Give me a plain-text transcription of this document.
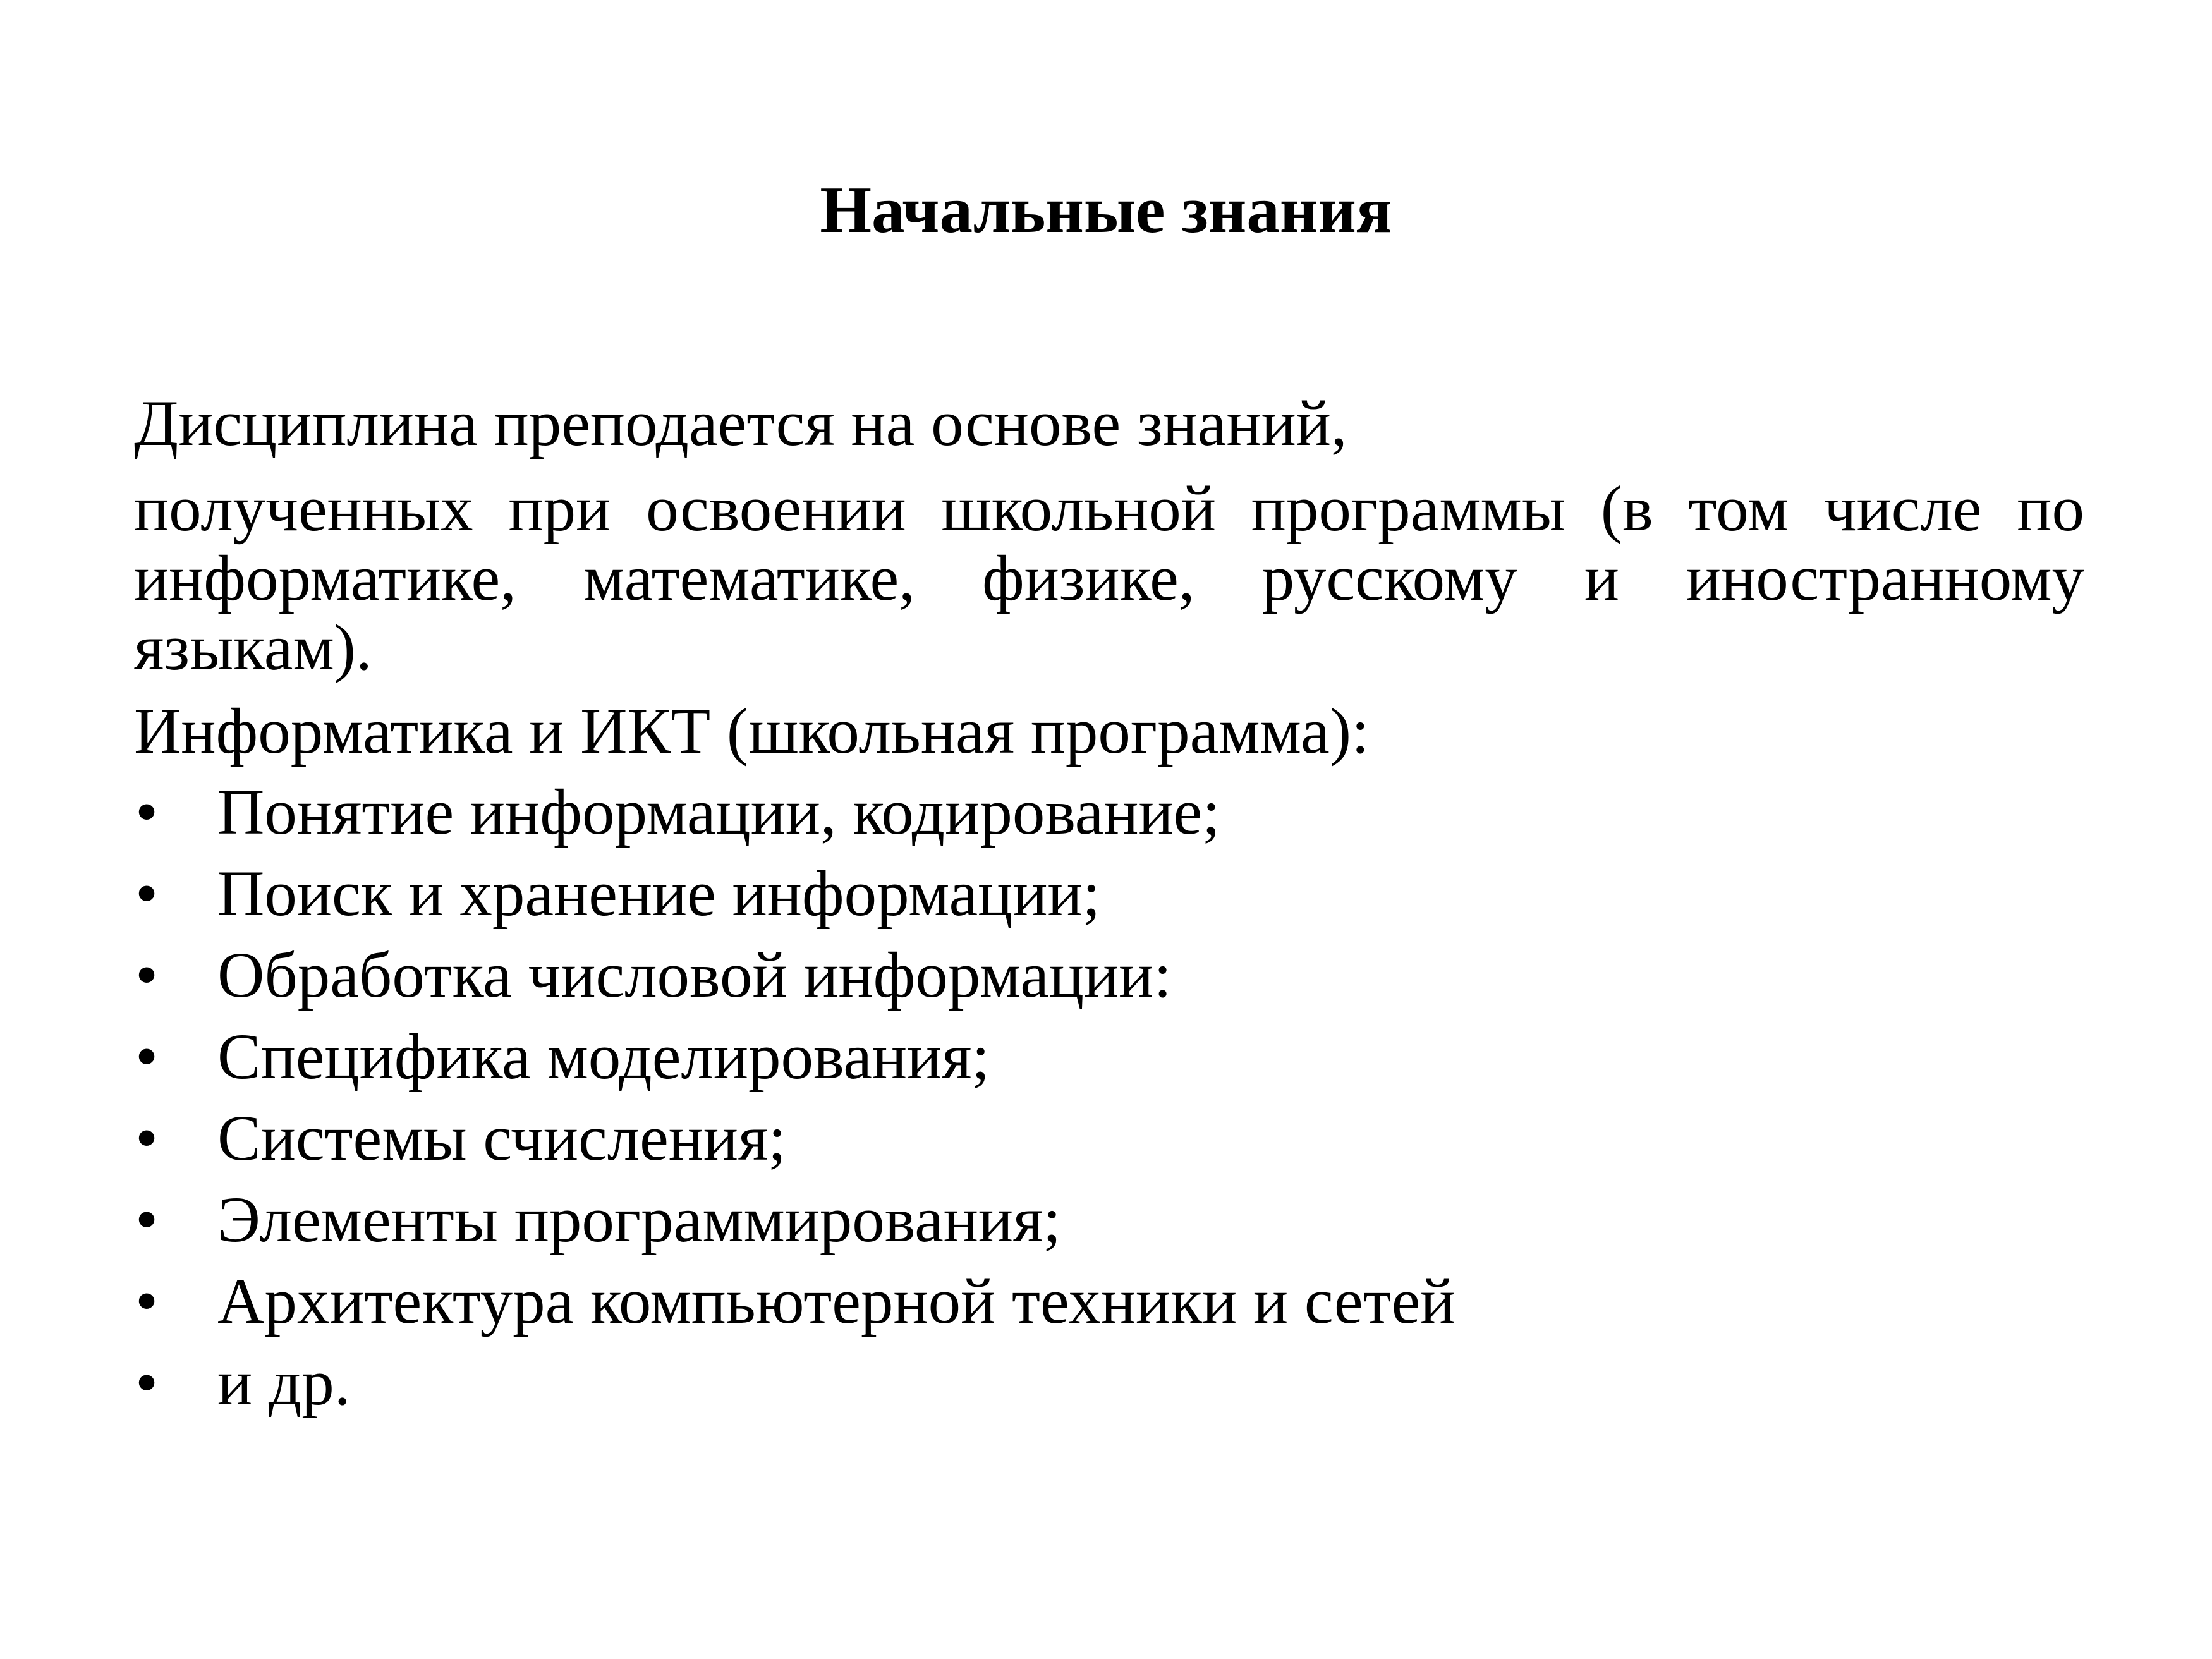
Начальные знания

Дисциплина преподается на основе знаний,

полученных при освоении школьной программы (в том числе по информатике, математике, физике, русскому и иностранному языкам).

Информатика и ИКТ (школьная программа):

• Понятие информации, кодирование;
• Поиск и хранение информации;
• Обработка числовой информации:
• Специфика моделирования;
• Системы счисления;
• Элементы программирования;
• Архитектура компьютерной техники и сетей
• и др.
